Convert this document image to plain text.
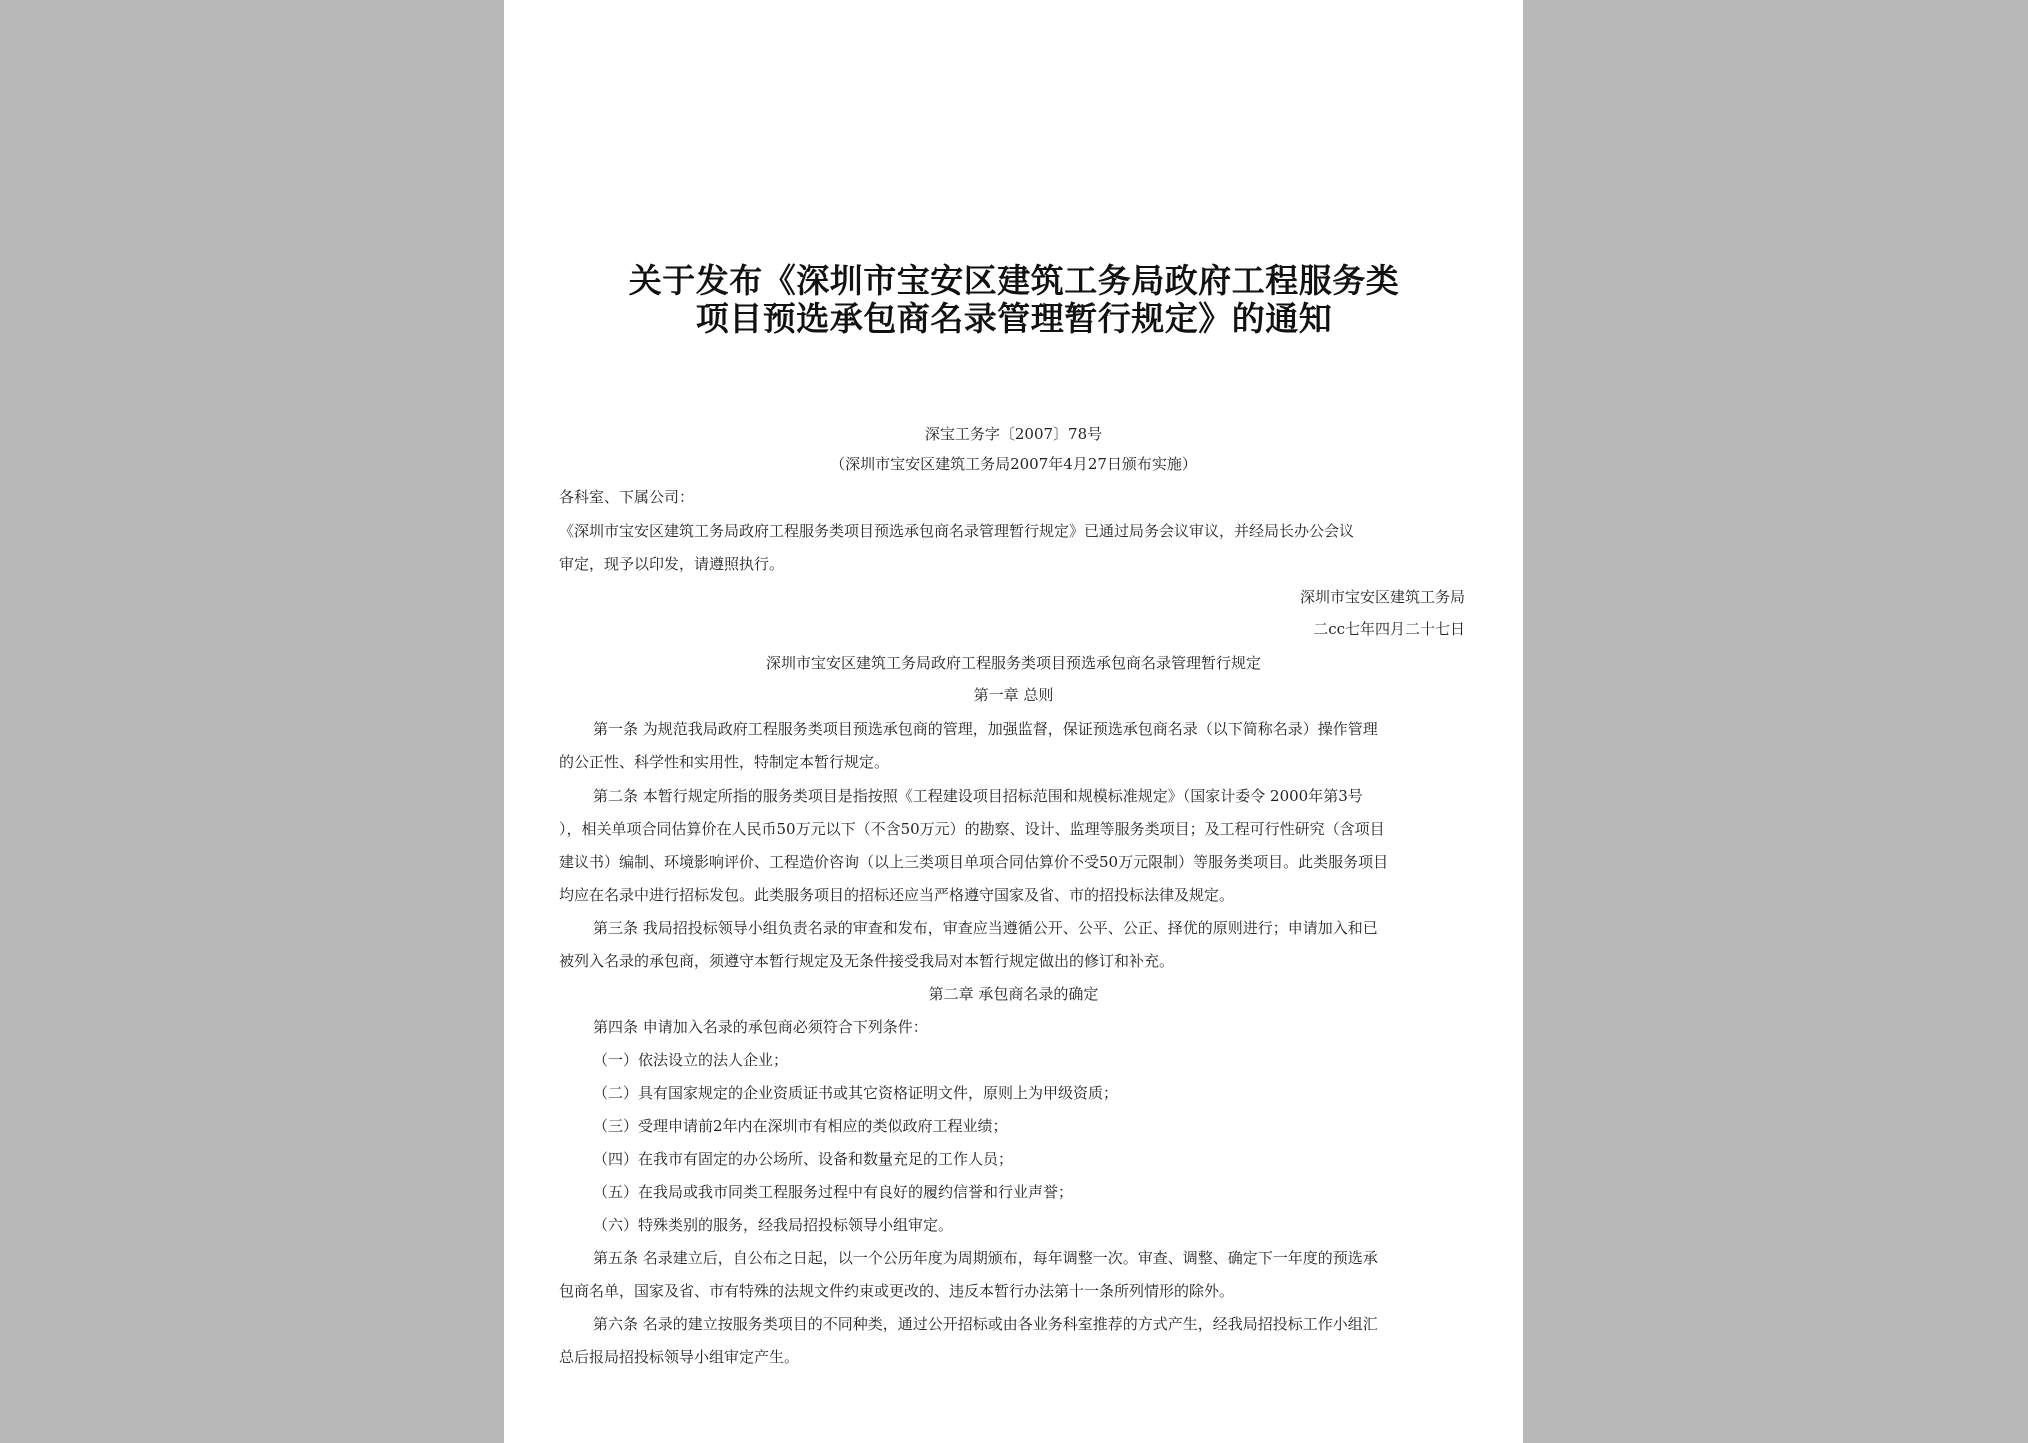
关于发布《深圳市宝安区建筑工务局政府工程服务类
项目预选承包商名录管理暂行规定》的通知
深宝工务字〔2007〕78号
（深圳市宝安区建筑工务局2007年4月27日颁布实施）
各科室、下属公司：
《深圳市宝安区建筑工务局政府工程服务类项目预选承包商名录管理暂行规定》已通过局务会议审议，并经局长办公会议
审定，现予以印发，请遵照执行。
深圳市宝安区建筑工务局
二cc七年四月二十七日
深圳市宝安区建筑工务局政府工程服务类项目预选承包商名录管理暂行规定
第一章 总则
第一条 为规范我局政府工程服务类项目预选承包商的管理，加强监督，保证预选承包商名录（以下简称名录）操作管理
的公正性、科学性和实用性，特制定本暂行规定。
第二条 本暂行规定所指的服务类项目是指按照《工程建设项目招标范围和规模标准规定》（国家计委令 2000年第3号
），相关单项合同估算价在人民币50万元以下（不含50万元）的勘察、设计、监理等服务类项目；及工程可行性研究（含项目
建议书）编制、环境影响评价、工程造价咨询（以上三类项目单项合同估算价不受50万元限制）等服务类项目。此类服务项目
均应在名录中进行招标发包。此类服务项目的招标还应当严格遵守国家及省、市的招投标法律及规定。
第三条 我局招投标领导小组负责名录的审查和发布，审查应当遵循公开、公平、公正、择优的原则进行；申请加入和已
被列入名录的承包商，须遵守本暂行规定及无条件接受我局对本暂行规定做出的修订和补充。
第二章 承包商名录的确定
第四条 申请加入名录的承包商必须符合下列条件：
（一）依法设立的法人企业；
（二）具有国家规定的企业资质证书或其它资格证明文件，原则上为甲级资质；
（三）受理申请前2年内在深圳市有相应的类似政府工程业绩；
（四）在我市有固定的办公场所、设备和数量充足的工作人员；
（五）在我局或我市同类工程服务过程中有良好的履约信誉和行业声誉；
（六）特殊类别的服务，经我局招投标领导小组审定。
第五条 名录建立后，自公布之日起，以一个公历年度为周期颁布，每年调整一次。审查、调整、确定下一年度的预选承
包商名单，国家及省、市有特殊的法规文件约束或更改的、违反本暂行办法第十一条所列情形的除外。
第六条 名录的建立按服务类项目的不同种类，通过公开招标或由各业务科室推荐的方式产生，经我局招投标工作小组汇
总后报局招投标领导小组审定产生。
